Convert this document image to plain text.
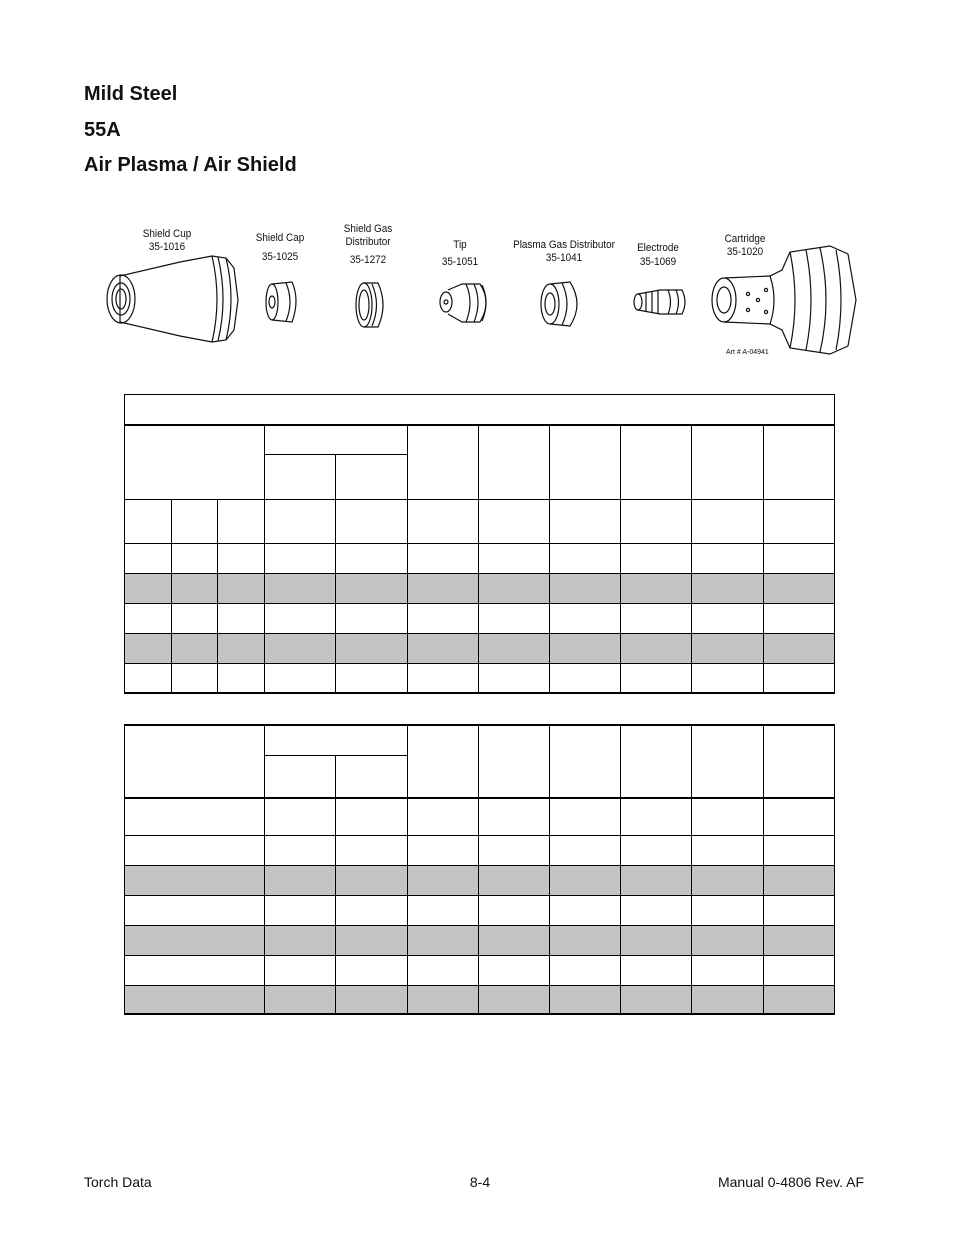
Mild Steel
55A
Air Plasma / Air Shield
Shield Cup
35-1016
Shield Cap
35-1025
Shield Gas Distributor
35-1272
Tip
35-1051
Plasma Gas Distributor
35-1041
Electrode
35-1069
Cartridge
35-1020
Art # A-04941

Torch Data	8-4	Manual 0-4806 Rev. AF
